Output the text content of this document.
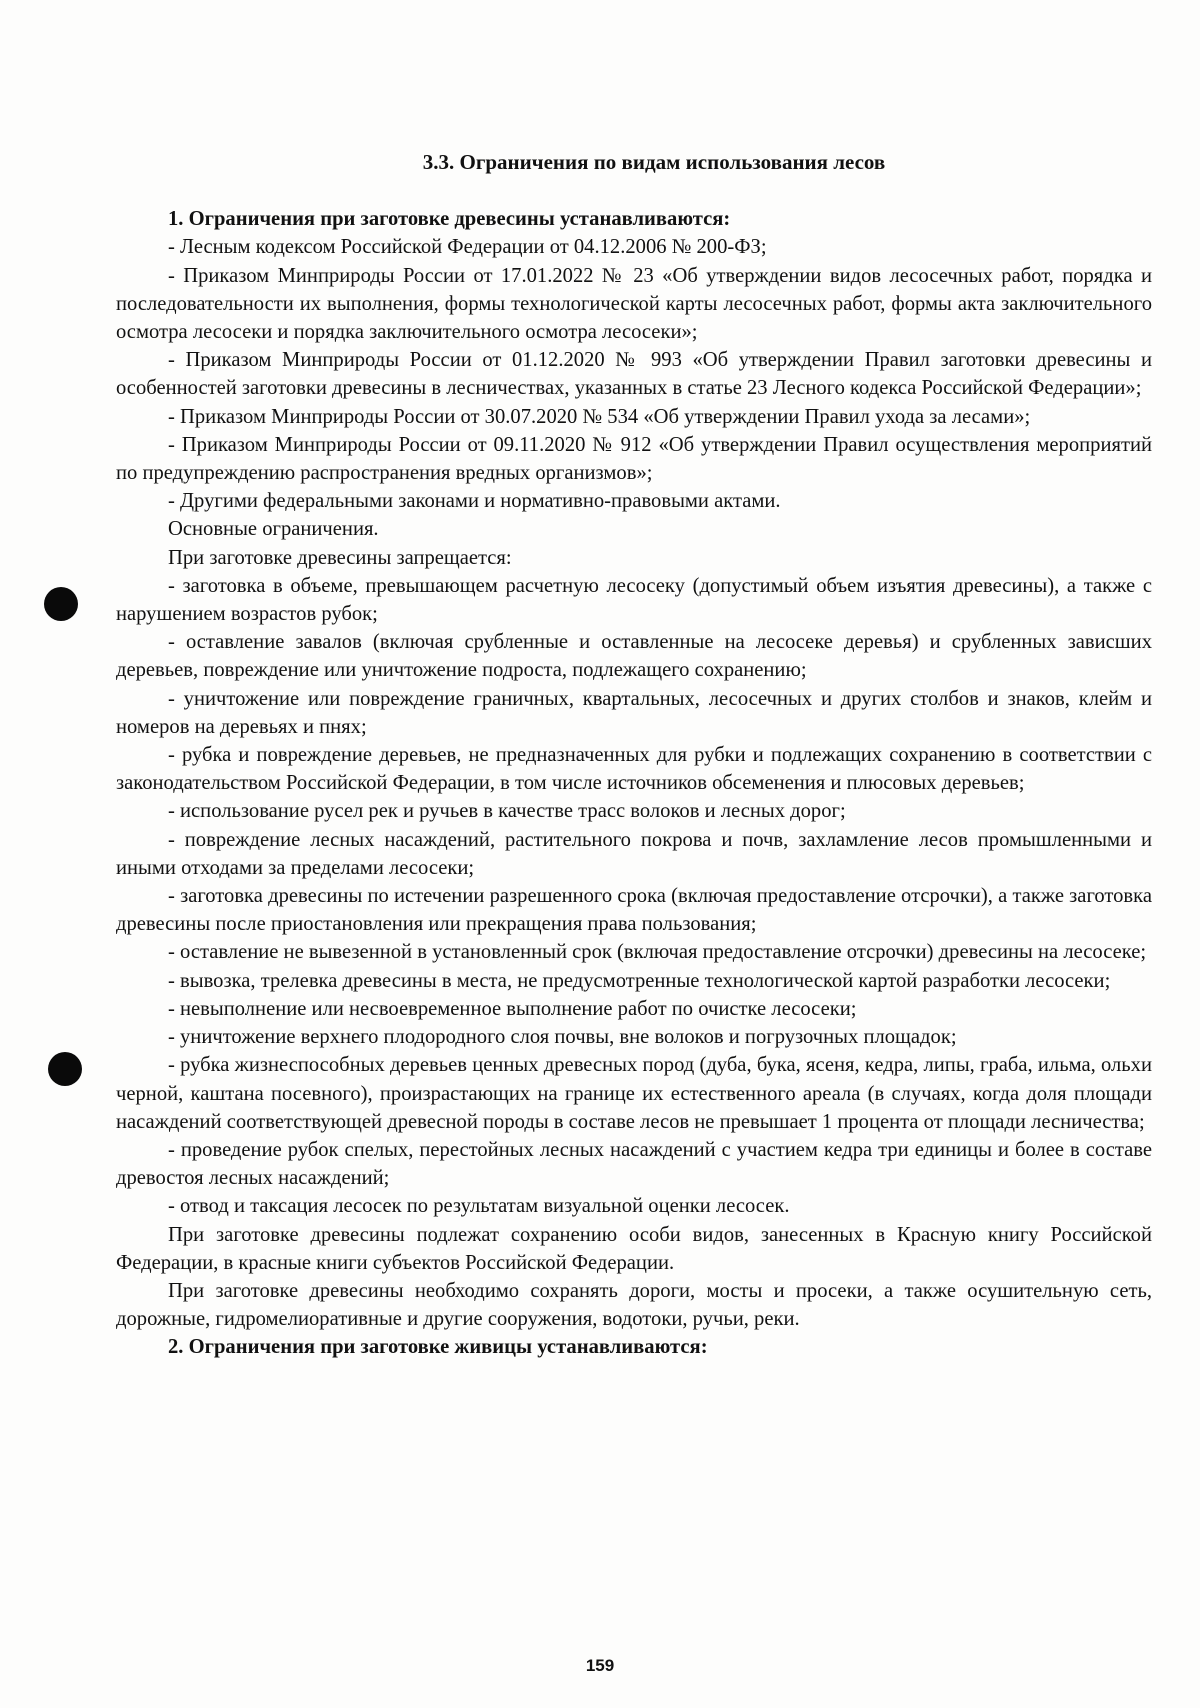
3.3. Ограничения по видам использования лесов

1. Ограничения при заготовке древесины устанавливаются:

- Лесным кодексом Российской Федерации от 04.12.2006 № 200-ФЗ;

- Приказом Минприроды России от 17.01.2022 № 23 «Об утверждении видов лесосечных работ, порядка и последовательности их выполнения, формы технологической карты лесосечных работ, формы акта заключительного осмотра лесосеки и порядка заключительного осмотра лесосеки»;

- Приказом Минприроды России от 01.12.2020 № 993 «Об утверждении Правил заготовки древесины и особенностей заготовки древесины в лесничествах, указанных в статье 23 Лесного кодекса Российской Федерации»;

- Приказом Минприроды России от 30.07.2020 № 534 «Об утверждении Правил ухода за лесами»;

- Приказом Минприроды России от 09.11.2020 № 912 «Об утверждении Правил осуществления мероприятий по предупреждению распространения вредных организмов»;

- Другими федеральными законами и нормативно-правовыми актами.

Основные ограничения.

При заготовке древесины запрещается:

- заготовка в объеме, превышающем расчетную лесосеку (допустимый объем изъятия древесины), а также с нарушением возрастов рубок;

- оставление завалов (включая срубленные и оставленные на лесосеке деревья) и срубленных зависших деревьев, повреждение или уничтожение подроста, подлежащего сохранению;

- уничтожение или повреждение граничных, квартальных, лесосечных и других столбов и знаков, клейм и номеров на деревьях и пнях;

- рубка и повреждение деревьев, не предназначенных для рубки и подлежащих сохранению в соответствии с законодательством Российской Федерации, в том числе источников обсеменения и плюсовых деревьев;

- использование русел рек и ручьев в качестве трасс волоков и лесных дорог;

- повреждение лесных насаждений, растительного покрова и почв, захламление лесов промышленными и иными отходами за пределами лесосеки;

- заготовка древесины по истечении разрешенного срока (включая предоставление отсрочки), а также заготовка древесины после приостановления или прекращения права пользования;

- оставление не вывезенной в установленный срок (включая предоставление отсрочки) древесины на лесосеке;

- вывозка, трелевка древесины в места, не предусмотренные технологической картой разработки лесосеки;

- невыполнение или несвоевременное выполнение работ по очистке лесосеки;

- уничтожение верхнего плодородного слоя почвы, вне волоков и погрузочных площадок;

- рубка жизнеспособных деревьев ценных древесных пород (дуба, бука, ясеня, кедра, липы, граба, ильма, ольхи черной, каштана посевного), произрастающих на границе их естественного ареала (в случаях, когда доля площади насаждений соответствующей древесной породы в составе лесов не превышает 1 процента от площади лесничества;

- проведение рубок спелых, перестойных лесных насаждений с участием кедра три единицы и более в составе древостоя лесных насаждений;

- отвод и таксация лесосек по результатам визуальной оценки лесосек.

При заготовке древесины подлежат сохранению особи видов, занесенных в Красную книгу Российской Федерации, в красные книги субъектов Российской Федерации.

При заготовке древесины необходимо сохранять дороги, мосты и просеки, а также осушительную сеть, дорожные, гидромелиоративные и другие сооружения, водотоки, ручьи, реки.

2. Ограничения при заготовке живицы устанавливаются:

159
